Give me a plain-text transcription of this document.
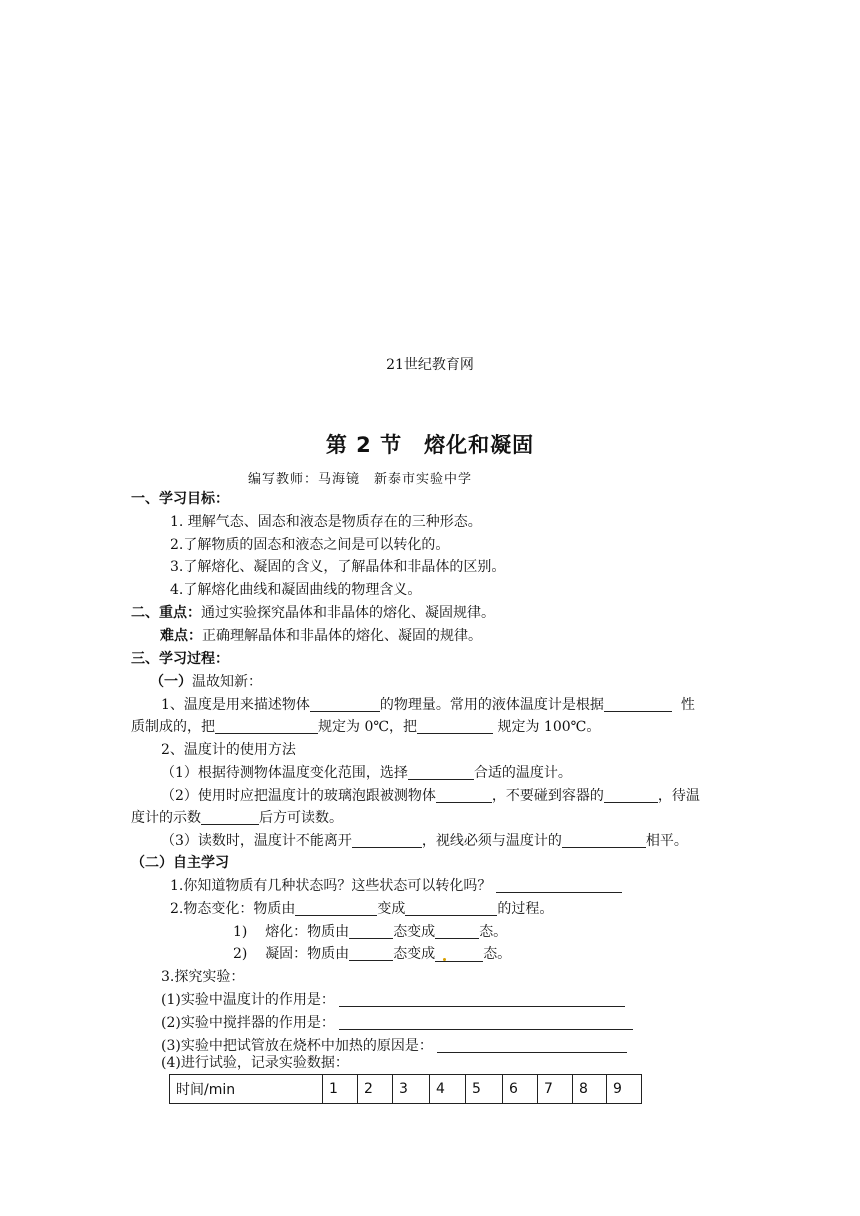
21世纪教育网
第 2 节　熔化和凝固
编写教师：马海镜　新泰市实验中学
一、学习目标：
1. 理解气态、固态和液态是物质存在的三种形态。
2.了解物质的固态和液态之间是可以转化的。
3.了解熔化、凝固的含义，了解晶体和非晶体的区别。
4.了解熔化曲线和凝固曲线的物理含义。
二、重点：通过实验探究晶体和非晶体的熔化、凝固规律。
难点：正确理解晶体和非晶体的熔化、凝固的规律。
三、学习过程：
（一）温故知新：
1、温度是用来描述物体	的物理量。常用的液体温度计是根据	性
质制成的，把	规定为 0℃，把	规定为 100℃。
2、温度计的使用方法
（1）根据待测物体温度变化范围，选择	合适的温度计。
（2）使用时应把温度计的玻璃泡跟被测物体	，不要碰到容器的	，待温
度计的示数	后方可读数。
（3）读数时，温度计不能离开	，视线必须与温度计的	相平。
（二）自主学习
1.你知道物质有几种状态吗？这些状态可以转化吗？
2.物态变化：物质由	变成	的过程。
1) 熔化：物质由	态变成	态。
2) 凝固：物质由	态变成	态。
3.探究实验：
(1)实验中温度计的作用是：
(2)实验中搅拌器的作用是：
(3)实验中把试管放在烧杯中加热的原因是：
(4)进行试验，记录实验数据：
时间/min	1	2	3	4	5	6	7	8	9
